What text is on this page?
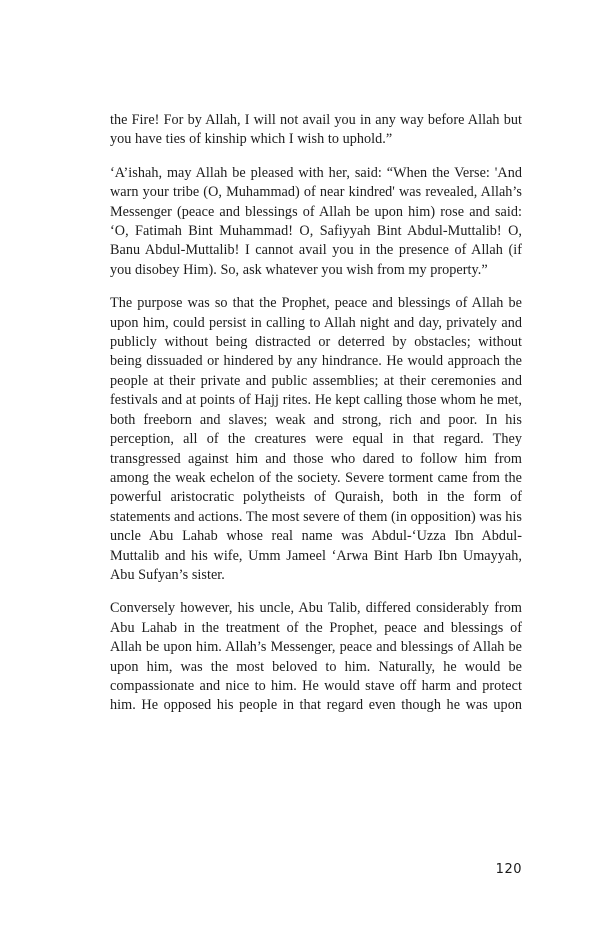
the Fire! For by Allah, I will not avail you in any way before Allah but you have ties of kinship which I wish to uphold.”

‘A’ishah, may Allah be pleased with her, said: “When the Verse: 'And warn your tribe (O, Muhammad) of near kindred' was revealed, Allah’s Messenger (peace and blessings of Allah be upon him) rose and said: ‘O, Fatimah Bint Muhammad! O, Safiyyah Bint Abdul-Muttalib! O, Banu Abdul-Muttalib! I cannot avail you in the presence of Allah (if you disobey Him). So, ask whatever you wish from my property.”

The purpose was so that the Prophet, peace and blessings of Allah be upon him, could persist in calling to Allah night and day, privately and publicly without being distracted or deterred by obstacles; without being dissuaded or hindered by any hindrance. He would approach the people at their private and public assemblies; at their ceremonies and festivals and at points of Hajj rites. He kept calling those whom he met, both freeborn and slaves; weak and strong, rich and poor. In his perception, all of the creatures were equal in that regard. They transgressed against him and those who dared to follow him from among the weak echelon of the society. Severe torment came from the powerful aristocratic polytheists of Quraish, both in the form of statements and actions. The most severe of them (in opposition) was his uncle Abu Lahab whose real name was Abdul-‘Uzza Ibn Abdul-Muttalib and his wife, Umm Jameel ‘Arwa Bint Harb Ibn Umayyah, Abu Sufyan’s sister.

Conversely however, his uncle, Abu Talib, differed considerably from Abu Lahab in the treatment of the Prophet, peace and blessings of Allah be upon him. Allah’s Messenger, peace and blessings of Allah be upon him, was the most beloved to him. Naturally, he would be compassionate and nice to him. He would stave off harm and protect him. He opposed his people in that regard even though he was upon

120
